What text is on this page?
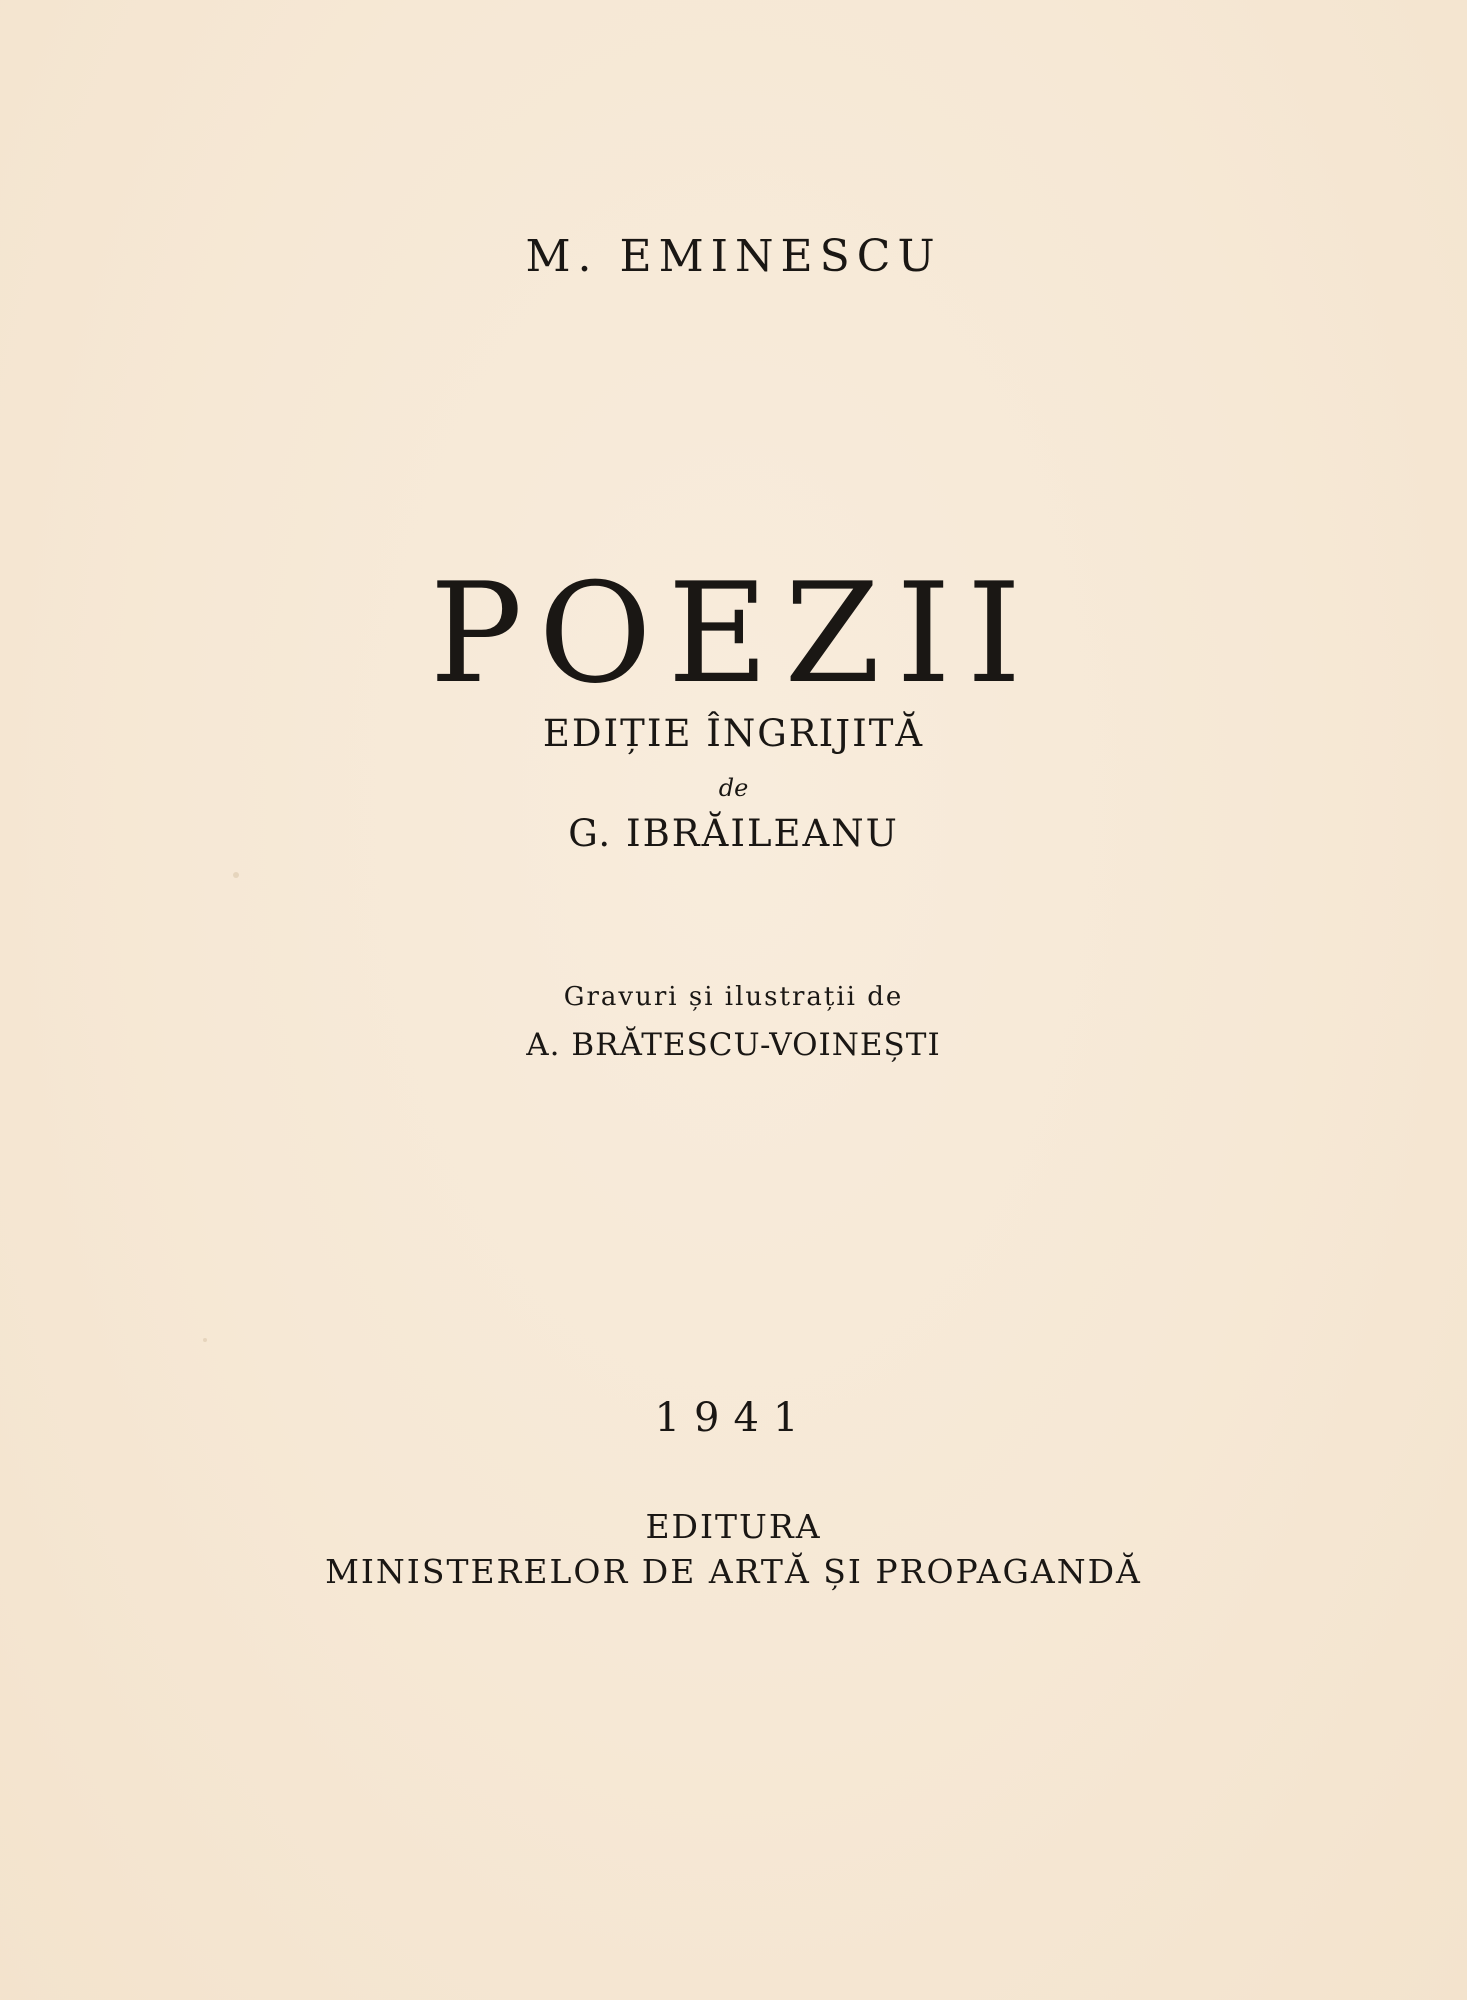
M. EMINESCU
POEZII
EDIȚIE ÎNGRIJITĂ
de
G. IBRĂILEANU
Gravuri și ilustrații de
A. BRĂTESCU-VOINEȘTI
1941
EDITURA
MINISTERELOR DE ARTĂ ȘI PROPAGANDĂ
